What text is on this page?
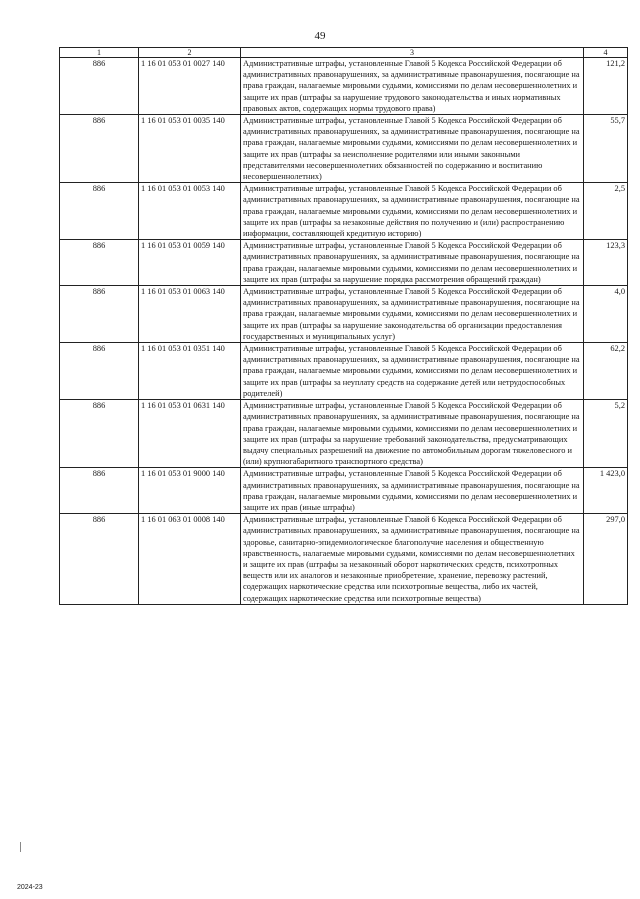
49
1	2	3	4
886	1 16 01 053 01 0027 140	Административные штрафы, установленные Главой 5 Кодекса Российской Федерации об административных правонарушениях, за административные правонарушения, посягающие на права граждан, налагаемые мировыми судьями, комиссиями по делам несовершеннолетних и защите их прав (штрафы за нарушение трудового законодательства и иных нормативных правовых актов, содержащих нормы трудового права)	121,2
886	1 16 01 053 01 0035 140	Административные штрафы, установленные Главой 5 Кодекса Российской Федерации об административных правонарушениях, за административные правонарушения, посягающие на права граждан, налагаемые мировыми судьями, комиссиями по делам несовершеннолетних и защите их прав (штрафы за неисполнение родителями или иными законными представителями несовершеннолетних обязанностей по содержанию и воспитанию несовершеннолетних)	55,7
886	1 16 01 053 01 0053 140	Административные штрафы, установленные Главой 5 Кодекса Российской Федерации об административных правонарушениях, за административные правонарушения, посягающие на права граждан, налагаемые мировыми судьями, комиссиями по делам несовершеннолетних и защите их прав (штрафы за незаконные действия по получению и (или) распространению информации, составляющей кредитную историю)	2,5
886	1 16 01 053 01 0059 140	Административные штрафы, установленные Главой 5 Кодекса Российской Федерации об административных правонарушениях, за административные правонарушения, посягающие на права граждан, налагаемые мировыми судьями, комиссиями по делам несовершеннолетних и защите их прав (штрафы за нарушение порядка рассмотрения обращений граждан)	123,3
886	1 16 01 053 01 0063 140	Административные штрафы, установленные Главой 5 Кодекса Российской Федерации об административных правонарушениях, за административные правонарушения, посягающие на права граждан, налагаемые мировыми судьями, комиссиями по делам несовершеннолетних и защите их прав (штрафы за нарушение законодательства об организации предоставления государственных и муниципальных услуг)	4,0
886	1 16 01 053 01 0351 140	Административные штрафы, установленные Главой 5 Кодекса Российской Федерации об административных правонарушениях, за административные правонарушения, посягающие на права граждан, налагаемые мировыми судьями, комиссиями по делам несовершеннолетних и защите их прав (штрафы за неуплату средств на содержание детей или нетрудоспособных родителей)	62,2
886	1 16 01 053 01 0631 140	Административные штрафы, установленные Главой 5 Кодекса Российской Федерации об административных правонарушениях, за административные правонарушения, посягающие на права граждан, налагаемые мировыми судьями, комиссиями по делам несовершеннолетних и защите их прав (штрафы за нарушение требований законодательства, предусматривающих выдачу специальных разрешений на движение по автомобильным дорогам тяжеловесного и (или) крупногабаритного транспортного средства)	5,2
886	1 16 01 053 01 9000 140	Административные штрафы, установленные Главой 5 Кодекса Российской Федерации об административных правонарушениях, за административные правонарушения, посягающие на права граждан, налагаемые мировыми судьями, комиссиями по делам несовершеннолетних и защите их прав (иные штрафы)	1 423,0
886	1 16 01 063 01 0008 140	Административные штрафы, установленные Главой 6 Кодекса Российской Федерации об административных правонарушениях, за административные правонарушения, посягающие на здоровье, санитарно-эпидемиологическое благополучие населения и общественную нравственность, налагаемые мировыми судьями, комиссиями по делам несовершеннолетних и защите их прав (штрафы за незаконный оборот наркотических средств, психотропных веществ или их аналогов и незаконные приобретение, хранение, перевозку растений, содержащих наркотические средства или психотропные вещества, либо их частей, содержащих наркотические средства или психотропные вещества)	297,0
2024-23
